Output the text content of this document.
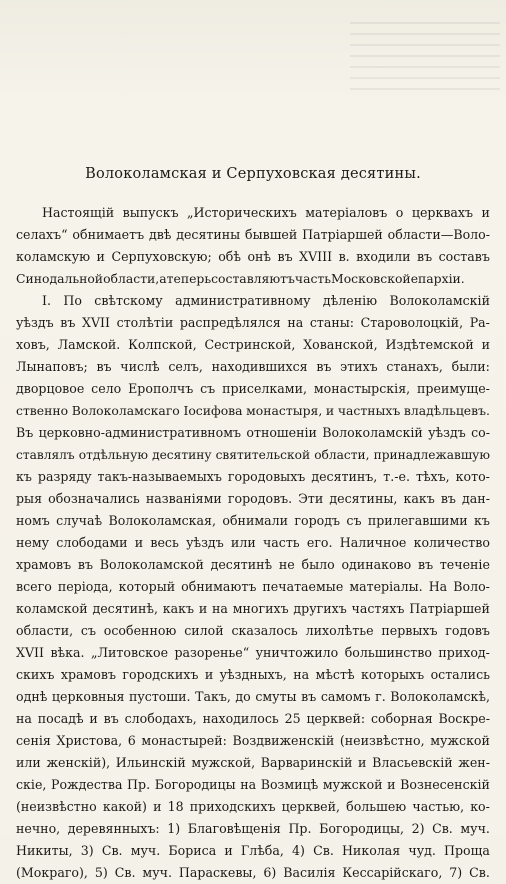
Волоколамская и Серпуховская десятины.
Настоящій выпускъ „Историческихъ матеріаловъ о церквахъ и
селахъ“ обнимаетъ двѣ десятины бывшей Патріаршей области—Воло-
коламскую и Серпуховскую; обѣ онѣ въ XVIII в. входили въ составъ
Синодальной области, а теперь составляютъ часть Московской епархіи.
I. По свѣтскому административному дѣленію Волоколамскій
уѣздъ въ XVII столѣтіи распредѣлялся на станы: Староволоцкій, Ра-
ховъ, Ламской. Колпской, Сестринской, Хованской, Издѣтемской и
Лынаповъ; въ числѣ селъ, находившихся въ этихъ станахъ, были:
дворцовое село Ерополчъ съ приселками, монастырскія, преимуще-
ственно Волоколамскаго Іосифова монастыря, и частныхъ владѣльцевъ.
Въ церковно-административномъ отношеніи Волоколамскій уѣздъ со-
ставлялъ отдѣльную десятину святительской области, принадлежавшую
къ разряду такъ-называемыхъ городовыхъ десятинъ, т.-е. тѣхъ, кото-
рыя обозначались названіями городовъ. Эти десятины, какъ въ дан-
номъ случаѣ Волоколамская, обнимали городъ съ прилегавшими къ
нему слободами и весь уѣздъ или часть его. Наличное количество
храмовъ въ Волоколамской десятинѣ не было одинаково въ теченіе
всего періода, который обнимаютъ печатаемые матеріалы. На Воло-
коламской десятинѣ, какъ и на многихъ другихъ частяхъ Патріаршей
области, съ особенною силой сказалось лихолѣтье первыхъ годовъ
XVII вѣка. „Литовское разоренье“ уничтожило большинство приход-
скихъ храмовъ городскихъ и уѣздныхъ, на мѣстѣ которыхъ остались
однѣ церковныя пустоши. Такъ, до смуты въ самомъ г. Волоколамскѣ,
на посадѣ и въ слободахъ, находилось 25 церквей: соборная Воскре-
сенія Христова, 6 монастырей: Воздвиженскій (неизвѣстно, мужской
или женскій), Ильинскій мужской, Варваринскій и Власьевскій жен-
скіе, Рождества Пр. Богородицы на Возмицѣ мужской и Вознесенскій
(неизвѣстно какой) и 18 приходскихъ церквей, большею частью, ко-
нечно, деревянныхъ: 1) Благовѣщенія Пр. Богородицы, 2) Св. муч.
Никиты, 3) Св. муч. Бориса и Глѣба, 4) Св. Николая чуд. Проща
(Мокраго), 5) Св. муч. Параскевы, 6) Василія Кессарійскаго, 7) Св.
